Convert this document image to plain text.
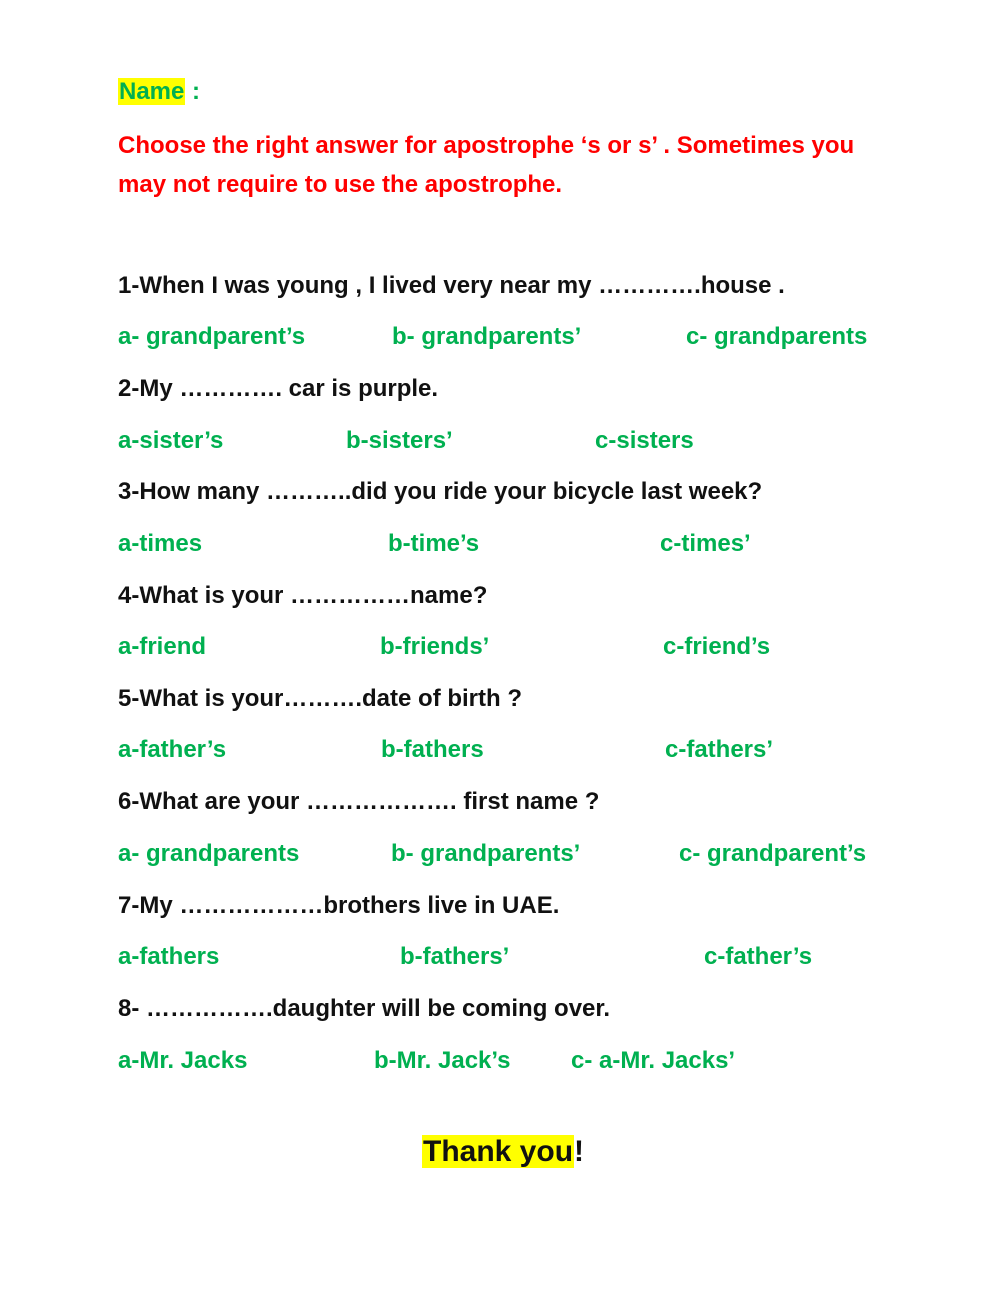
Name :
Choose the right answer for apostrophe ‘s or s’ . Sometimes you may not require to use the apostrophe.
1-When I was young , I lived very near my ………….house .
a- grandparent’s	b- grandparents’	c- grandparents
2-My …………. car is purple.
a-sister’s	b-sisters’	c-sisters
3-How many ………..did you ride your bicycle last week?
a-times	b-time’s	c-times’
4-What is your ……………name?
a-friend	b-friends’	c-friend’s
5-What is your……….date of birth ?
a-father’s	b-fathers	c-fathers’
6-What are your ………………. first name ?
a- grandparents	b- grandparents’	c- grandparent’s
7-My ………………brothers live in UAE.
a-fathers	b-fathers’	c-father’s
8- …………….daughter will be coming over.
a-Mr. Jacks	b-Mr. Jack’s	c- a-Mr. Jacks’
Thank you!
